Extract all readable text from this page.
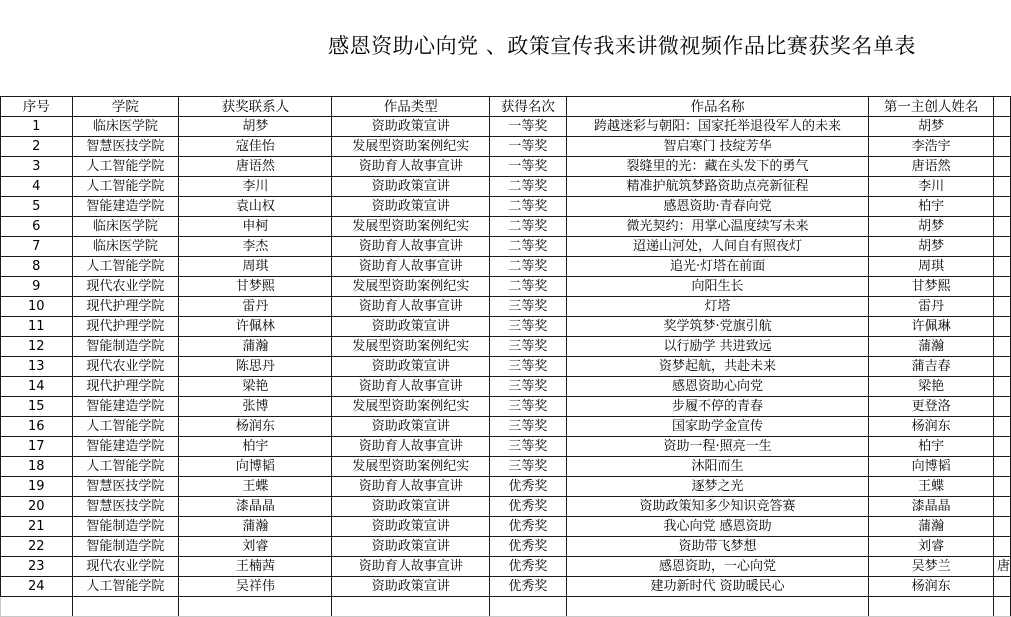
感恩资助心向党 、政策宣传我来讲微视频作品比赛获奖名单表
序号	学院	获奖联系人	作品类型	获得名次	作品名称	第一主创人姓名	
1	临床医学院	胡梦	资助政策宣讲	一等奖	跨越迷彩与朝阳：国家托举退役军人的未来	胡梦	
2	智慧医技学院	寇佳怡	发展型资助案例纪实	一等奖	智启寒门 技绽芳华	李浩宇	
3	人工智能学院	唐语然	资助育人故事宣讲	一等奖	裂缝里的光：藏在头发下的勇气	唐语然	
4	人工智能学院	李川	资助政策宣讲	二等奖	精准护航筑梦路资助点亮新征程	李川	
5	智能建造学院	袁山权	资助政策宣讲	二等奖	感恩资助·青春向党	柏宇	
6	临床医学院	申柯	发展型资助案例纪实	二等奖	微光契约：用掌心温度续写未来	胡梦	
7	临床医学院	李杰	资助育人故事宣讲	二等奖	迢递山河处，人间自有照夜灯	胡梦	
8	人工智能学院	周琪	资助育人故事宣讲	二等奖	追光·灯塔在前面	周琪	
9	现代农业学院	甘梦熙	发展型资助案例纪实	二等奖	向阳生长	甘梦熙	
10	现代护理学院	雷丹	资助育人故事宣讲	三等奖	灯塔	雷丹	
11	现代护理学院	许佩林	资助政策宣讲	三等奖	奖学筑梦·党旗引航	许佩琳	
12	智能制造学院	蒲瀚	发展型资助案例纪实	三等奖	以行励学 共进致远	蒲瀚	
13	现代农业学院	陈思丹	资助政策宣讲	三等奖	资梦起航，共赴未来	蒲吉春	
14	现代护理学院	梁艳	资助育人故事宣讲	三等奖	感恩资助心向党	梁艳	
15	智能建造学院	张博	发展型资助案例纪实	三等奖	步履不停的青春	更登洛	
16	人工智能学院	杨润东	资助政策宣讲	三等奖	国家助学金宣传	杨润东	
17	智能建造学院	柏宇	资助育人故事宣讲	三等奖	资助一程·照亮一生	柏宇	
18	人工智能学院	向博韬	发展型资助案例纪实	三等奖	沐阳而生	向博韬	
19	智慧医技学院	王蝶	资助育人故事宣讲	优秀奖	逐梦之光	王蝶	
20	智慧医技学院	漆晶晶	资助政策宣讲	优秀奖	资助政策知多少知识竞答赛	漆晶晶	
21	智能制造学院	蒲瀚	资助政策宣讲	优秀奖	我心向党 感恩资助	蒲瀚	
22	智能制造学院	刘睿	资助政策宣讲	优秀奖	资助带飞梦想	刘睿	
23	现代农业学院	王楠茜	资助育人故事宣讲	优秀奖	感恩资助，一心向党	吴梦兰	唐
24	人工智能学院	吴祥伟	资助政策宣讲	优秀奖	建功新时代 资助暖民心	杨润东	
